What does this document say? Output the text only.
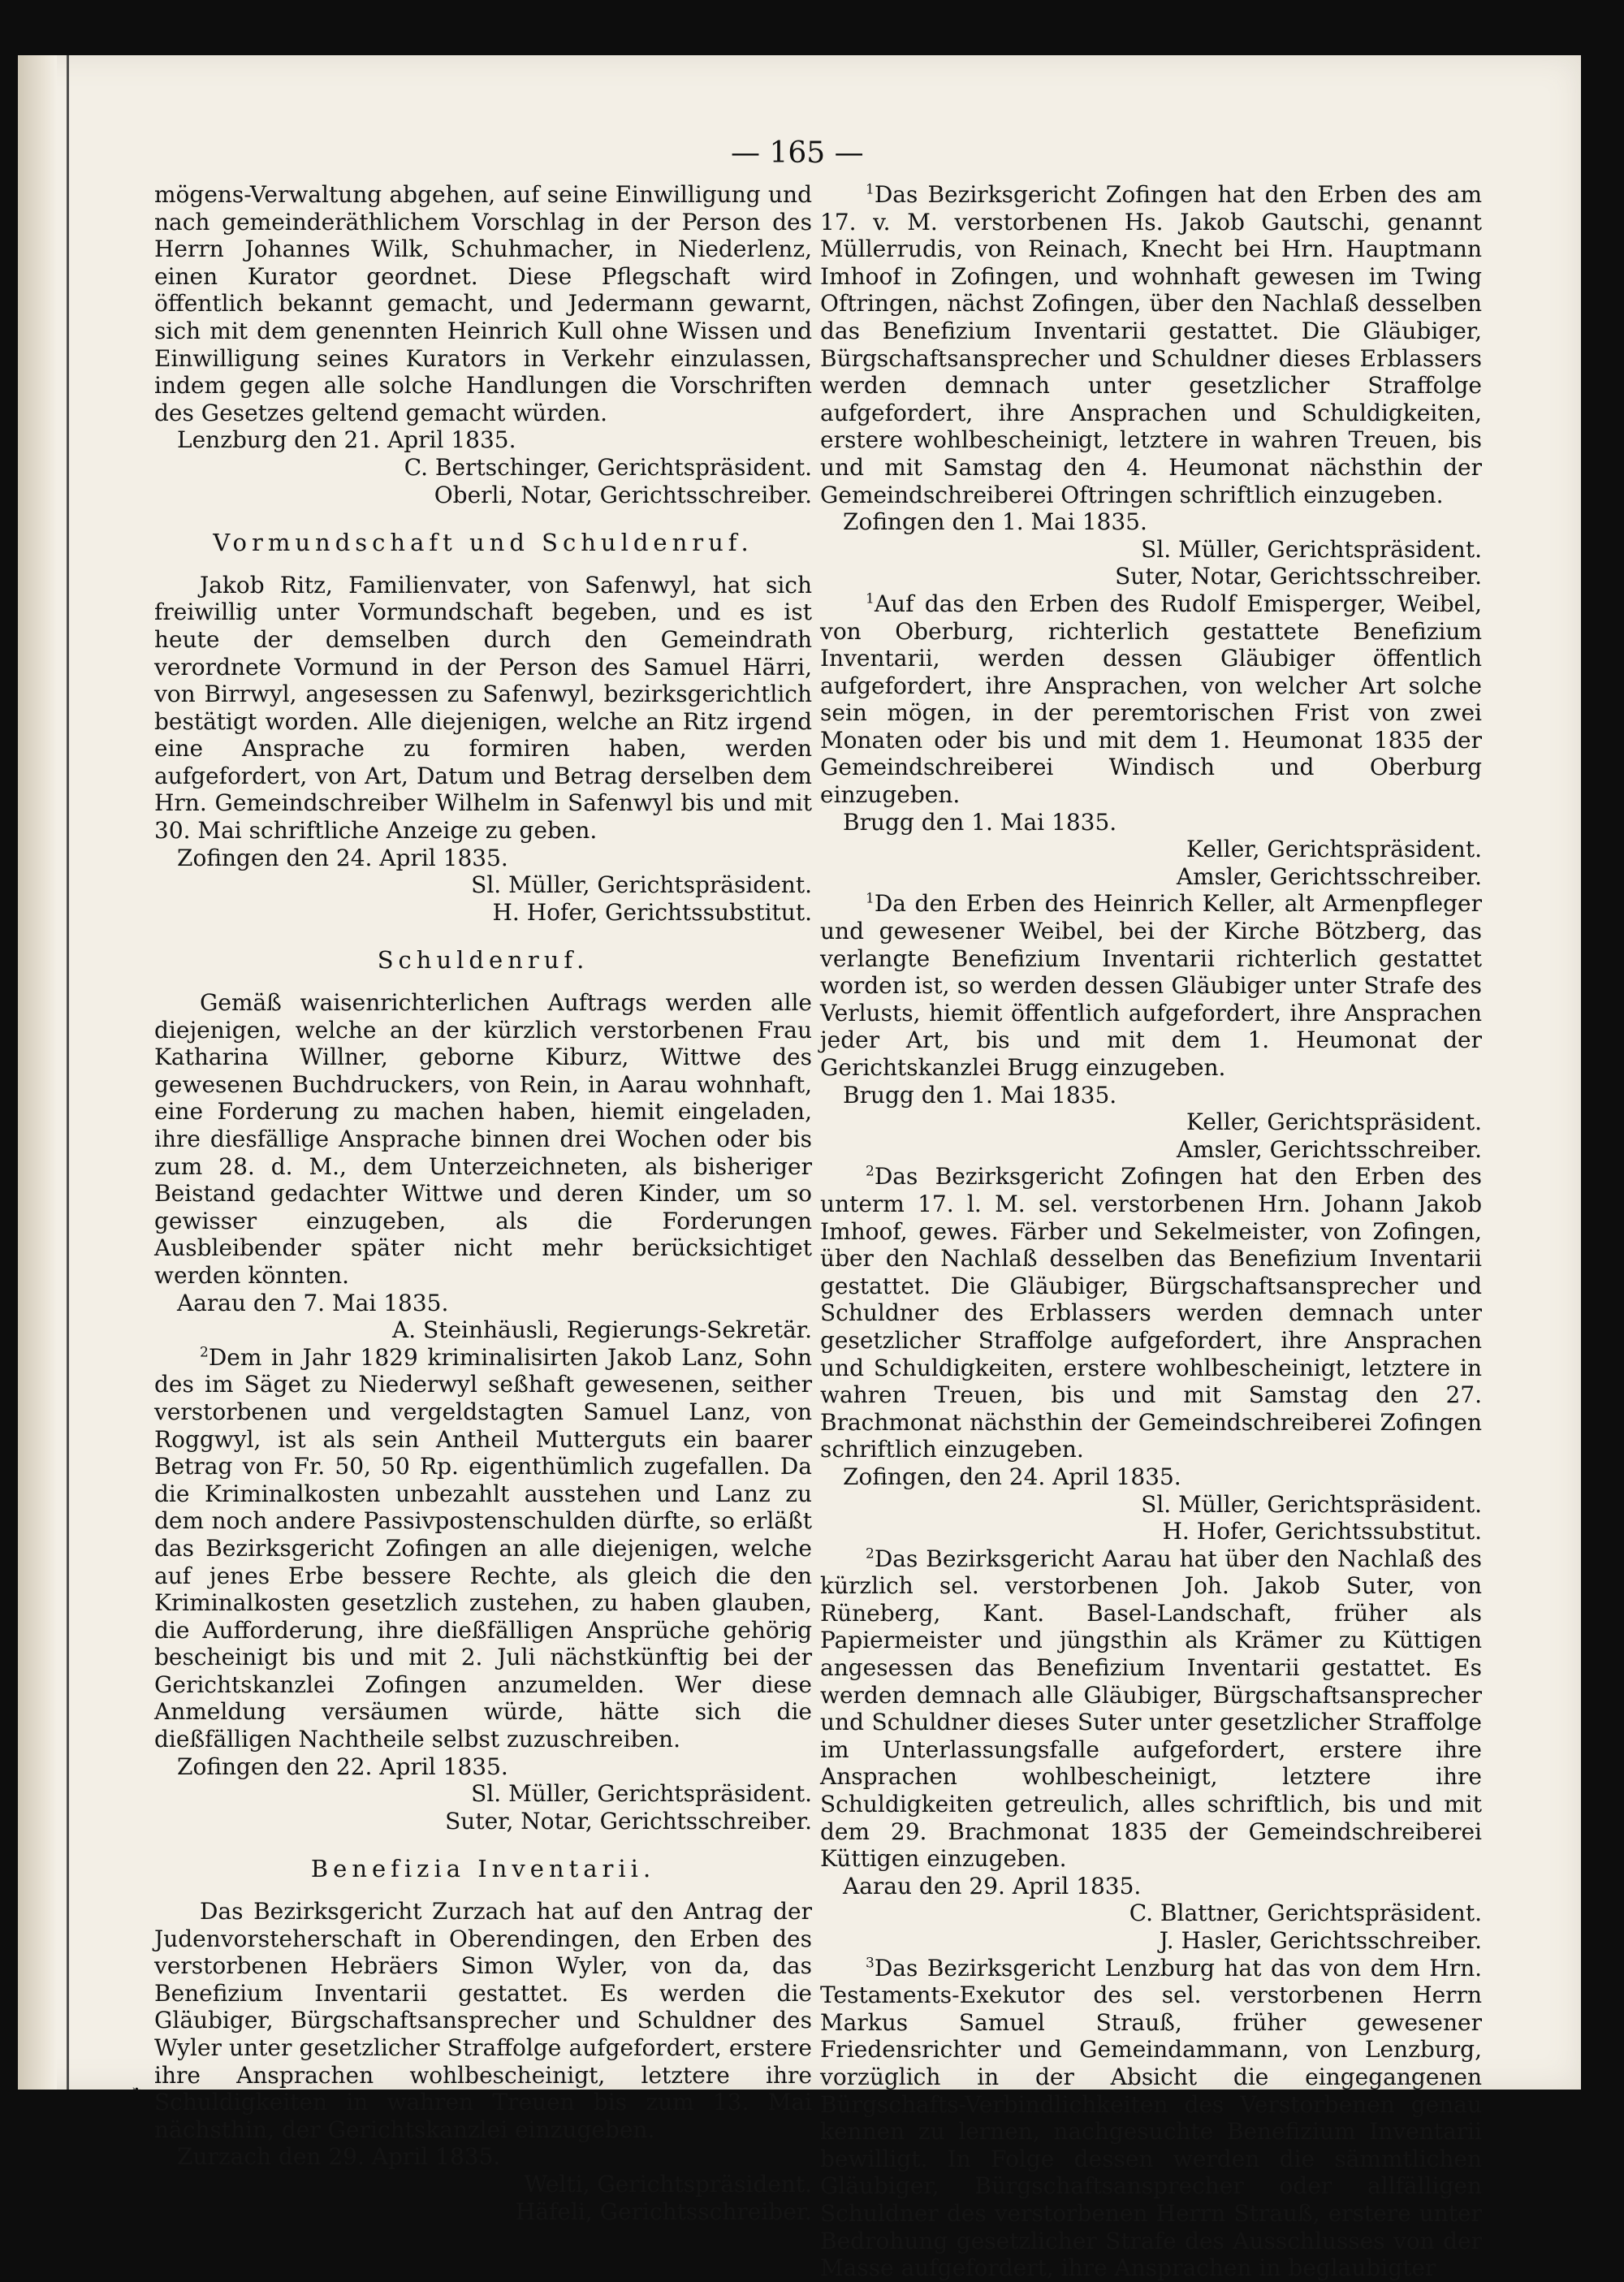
— 165 —

mögens-Verwaltung abgehen, auf seine Einwilligung und nach gemeinderäthlichem Vorschlag in der Person des Herrn Johannes Wilk, Schuhmacher, in Niederlenz, einen Kurator geordnet. Diese Pflegschaft wird öffentlich bekannt gemacht, und Jedermann gewarnt, sich mit dem genennten Heinrich Kull ohne Wissen und Einwilligung seines Kurators in Verkehr einzulassen, indem gegen alle solche Handlungen die Vorschriften des Gesetzes geltend gemacht würden.

Lenzburg den 21. April 1835.

C. Bertschinger, Gerichtspräsident.

Oberli, Notar, Gerichtsschreiber.

Vormundschaft und Schuldenruf.

Jakob Ritz, Familienvater, von Safenwyl, hat sich freiwillig unter Vormundschaft begeben, und es ist heute der demselben durch den Gemeindrath verordnete Vormund in der Person des Samuel Härri, von Birrwyl, angesessen zu Safenwyl, bezirksgerichtlich bestätigt worden. Alle diejenigen, welche an Ritz irgend eine Ansprache zu formiren haben, werden aufgefordert, von Art, Datum und Betrag derselben dem Hrn. Gemeindschreiber Wilhelm in Safenwyl bis und mit 30. Mai schriftliche Anzeige zu geben.

Zofingen den 24. April 1835.

Sl. Müller, Gerichtspräsident.

H. Hofer, Gerichtssubstitut.

Schuldenruf.

Gemäß waisenrichterlichen Auftrags werden alle diejenigen, welche an der kürzlich verstorbenen Frau Katharina Willner, geborne Kiburz, Wittwe des gewesenen Buchdruckers, von Rein, in Aarau wohnhaft, eine Forderung zu machen haben, hiemit eingeladen, ihre diesfällige Ansprache binnen drei Wochen oder bis zum 28. d. M., dem Unterzeichneten, als bisheriger Beistand gedachter Wittwe und deren Kinder, um so gewisser einzugeben, als die Forderungen Ausbleibender später nicht mehr berücksichtiget werden könnten.

Aarau den 7. Mai 1835.

A. Steinhäusli, Regierungs-Sekretär.

$^2$Dem in Jahr 1829 kriminalisirten Jakob Lanz, Sohn des im Säget zu Niederwyl seßhaft gewesenen, seither verstorbenen und vergeldstagten Samuel Lanz, von Roggwyl, ist als sein Antheil Mutterguts ein baarer Betrag von Fr. 50, 50 Rp. eigenthümlich zugefallen. Da die Kriminalkosten unbezahlt ausstehen und Lanz zu dem noch andere Passivpostenschulden dürfte, so erläßt das Bezirksgericht Zofingen an alle diejenigen, welche auf jenes Erbe bessere Rechte, als gleich die den Kriminalkosten gesetzlich zustehen, zu haben glauben, die Aufforderung, ihre dießfälligen Ansprüche gehörig bescheinigt bis und mit 2. Juli nächstkünftig bei der Gerichtskanzlei Zofingen anzumelden. Wer diese Anmeldung versäumen würde, hätte sich die dießfälligen Nachtheile selbst zuzuschreiben.

Zofingen den 22. April 1835.

Sl. Müller, Gerichtspräsident.

Suter, Notar, Gerichtsschreiber.

Benefizia Inventarii.

Das Bezirksgericht Zurzach hat auf den Antrag der Judenvorsteherschaft in Oberendingen, den Erben des verstorbenen Hebräers Simon Wyler, von da, das Benefizium Inventarii gestattet. Es werden die Gläubiger, Bürgschaftsansprecher und Schuldner des Wyler unter gesetzlicher Straffolge aufgefordert, erstere ihre Ansprachen wohlbescheinigt, letztere ihre Schuldigkeiten in wahren Treuen bis zum 13. Mai nächsthin, der Gerichtskanzlei einzugeben.

Zurzach den 29. April 1835.

Welti, Gerichtspräsident.

Häfeli, Gerichtsschreiber.

$^1$Das Bezirksgericht Zofingen hat den Erben des am 17. v. M. verstorbenen Hs. Jakob Gautschi, genannt Müllerrudis, von Reinach, Knecht bei Hrn. Hauptmann Imhoof in Zofingen, und wohnhaft gewesen im Twing Oftringen, nächst Zofingen, über den Nachlaß desselben das Benefizium Inventarii gestattet. Die Gläubiger, Bürgschaftsansprecher und Schuldner dieses Erblassers werden demnach unter gesetzlicher Straffolge aufgefordert, ihre Ansprachen und Schuldigkeiten, erstere wohlbescheinigt, letztere in wahren Treuen, bis und mit Samstag den 4. Heumonat nächsthin der Gemeindschreiberei Oftringen schriftlich einzugeben.

Zofingen den 1. Mai 1835.

Sl. Müller, Gerichtspräsident.

Suter, Notar, Gerichtsschreiber.

$^1$Auf das den Erben des Rudolf Emisperger, Weibel, von Oberburg, richterlich gestattete Benefizium Inventarii, werden dessen Gläubiger öffentlich aufgefordert, ihre Ansprachen, von welcher Art solche sein mögen, in der peremtorischen Frist von zwei Monaten oder bis und mit dem 1. Heumonat 1835 der Gemeindschreiberei Windisch und Oberburg einzugeben.

Brugg den 1. Mai 1835.

Keller, Gerichtspräsident.

Amsler, Gerichtsschreiber.

$^1$Da den Erben des Heinrich Keller, alt Armenpfleger und gewesener Weibel, bei der Kirche Bötzberg, das verlangte Benefizium Inventarii richterlich gestattet worden ist, so werden dessen Gläubiger unter Strafe des Verlusts, hiemit öffentlich aufgefordert, ihre Ansprachen jeder Art, bis und mit dem 1. Heumonat der Gerichtskanzlei Brugg einzugeben.

Brugg den 1. Mai 1835.

Keller, Gerichtspräsident.

Amsler, Gerichtsschreiber.

$^2$Das Bezirksgericht Zofingen hat den Erben des unterm 17. l. M. sel. verstorbenen Hrn. Johann Jakob Imhoof, gewes. Färber und Sekelmeister, von Zofingen, über den Nachlaß desselben das Benefizium Inventarii gestattet. Die Gläubiger, Bürgschaftsansprecher und Schuldner des Erblassers werden demnach unter gesetzlicher Straffolge aufgefordert, ihre Ansprachen und Schuldigkeiten, erstere wohlbescheinigt, letztere in wahren Treuen, bis und mit Samstag den 27. Brachmonat nächsthin der Gemeindschreiberei Zofingen schriftlich einzugeben.

Zofingen, den 24. April 1835.

Sl. Müller, Gerichtspräsident.

H. Hofer, Gerichtssubstitut.

$^2$Das Bezirksgericht Aarau hat über den Nachlaß des kürzlich sel. verstorbenen Joh. Jakob Suter, von Rüneberg, Kant. Basel-Landschaft, früher als Papiermeister und jüngsthin als Krämer zu Küttigen angesessen das Benefizium Inventarii gestattet. Es werden demnach alle Gläubiger, Bürgschaftsansprecher und Schuldner dieses Suter unter gesetzlicher Straffolge im Unterlassungsfalle aufgefordert, erstere ihre Ansprachen wohlbescheinigt, letztere ihre Schuldigkeiten getreulich, alles schriftlich, bis und mit dem 29. Brachmonat 1835 der Gemeindschreiberei Küttigen einzugeben.

Aarau den 29. April 1835.

C. Blattner, Gerichtspräsident.

J. Hasler, Gerichtsschreiber.

$^3$Das Bezirksgericht Lenzburg hat das von dem Hrn. Testaments-Exekutor des sel. verstorbenen Herrn Markus Samuel Strauß, früher gewesener Friedensrichter und Gemeindammann, von Lenzburg, vorzüglich in der Absicht die eingegangenen Bürgschafts-Verbindlichkeiten des Verstorbenen genau kennen zu lernen, nachgesuchte Benefizium Inventarii bewilligt. In Folge dessen werden die sämmtlichen Gläubiger, Bürgschaftsansprecher oder allfälligen Schuldner des verstorbenen Herrn Strauß, erstere unter Bedrohung gesetzlicher Strafe des Ausschlusses von der Masse aufgefordert, ihre Ansprachen in beglaubigter

❧
